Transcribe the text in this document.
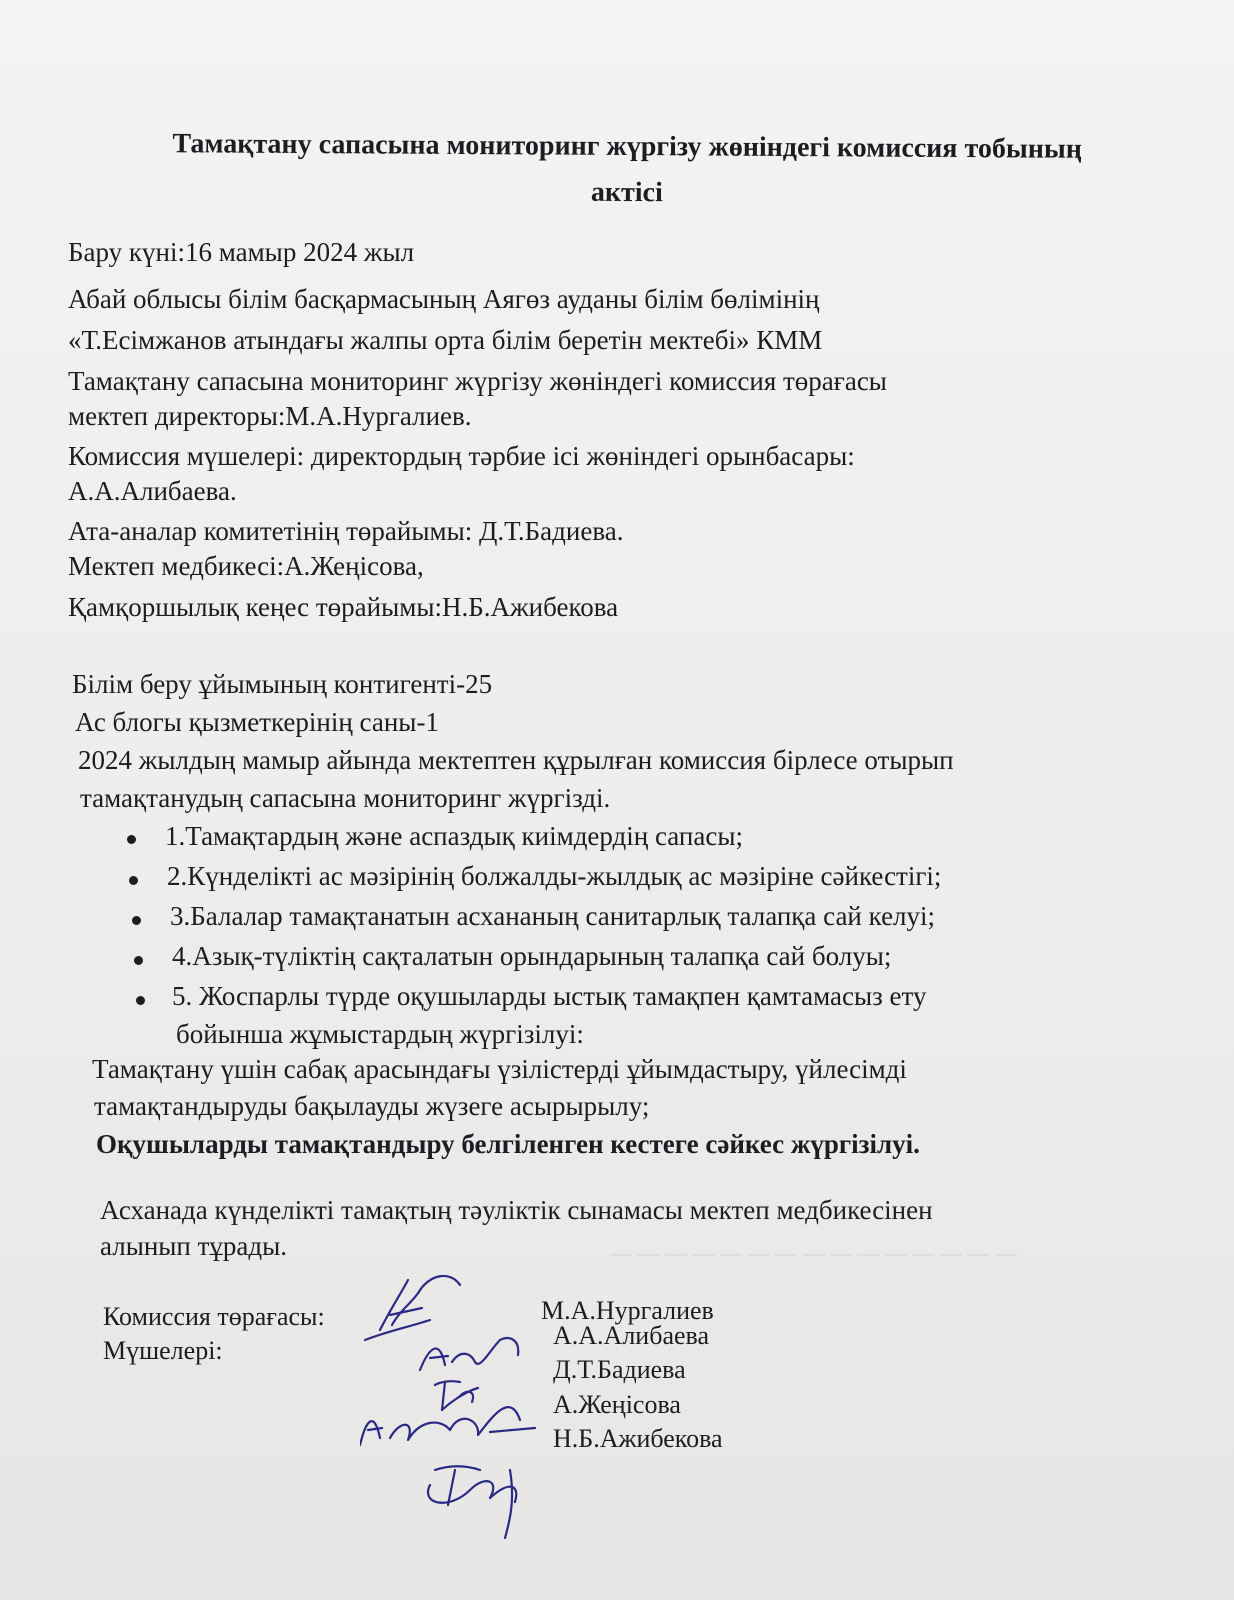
Тамақтану сапасына мониторинг жүргізу жөніндегі комиссия тобының
актісі
Бару күні:16 мамыр 2024 жыл
Абай облысы білім басқармасының Аягөз ауданы білім бөлімінің
«Т.Есімжанов атындағы жалпы орта білім беретін мектебі» КММ
Тамақтану сапасына мониторинг жүргізу жөніндегі комиссия төрағасы
мектеп директоры:М.А.Нургалиев.
Комиссия мүшелері: директордың тәрбие ісі жөніндегі орынбасары:
А.А.Алибаева.
Ата-аналар комитетінің төрайымы: Д.Т.Бадиева.
Мектеп медбикесі:А.Жеңісова,
Қамқоршылық кеңес төрайымы:Н.Б.Ажибекова
Білім беру ұйымының контигенті-25
Ас блогы қызметкерінің саны-1
2024 жылдың мамыр айында мектептен құрылған комиссия бірлесе отырып
тамақтанудың сапасына мониторинг жүргізді.
1.Тамақтардың және аспаздық киімдердің сапасы;
2.Күнделікті ас мәзірінің болжалды-жылдық ас мәзіріне сәйкестігі;
3.Балалар тамақтанатын асхананың санитарлық талапқа сай келуі;
4.Азық-түліктің сақталатын орындарының талапқа сай болуы;
5. Жоспарлы түрде оқушыларды ыстық тамақпен қамтамасыз ету
бойынша жұмыстардың жүргізілуі:
Тамақтану үшін сабақ арасындағы үзілістерді ұйымдастыру, үйлесімді
тамақтандыруды бақылауды жүзеге асырырылу;
Оқушыларды тамақтандыру белгіленген кестеге сәйкес жүргізілуі.
Асханада күнделікті тамақтың тәуліктік сынамасы мектеп медбикесінен
алынып тұрады.
Комиссия төрағасы:
Мүшелері:
М.А.Нургалиев
А.А.Алибаева
Д.Т.Бадиева
А.Жеңісова
Н.Б.Ажибекова
— — — — — — — — — — — — — — —
